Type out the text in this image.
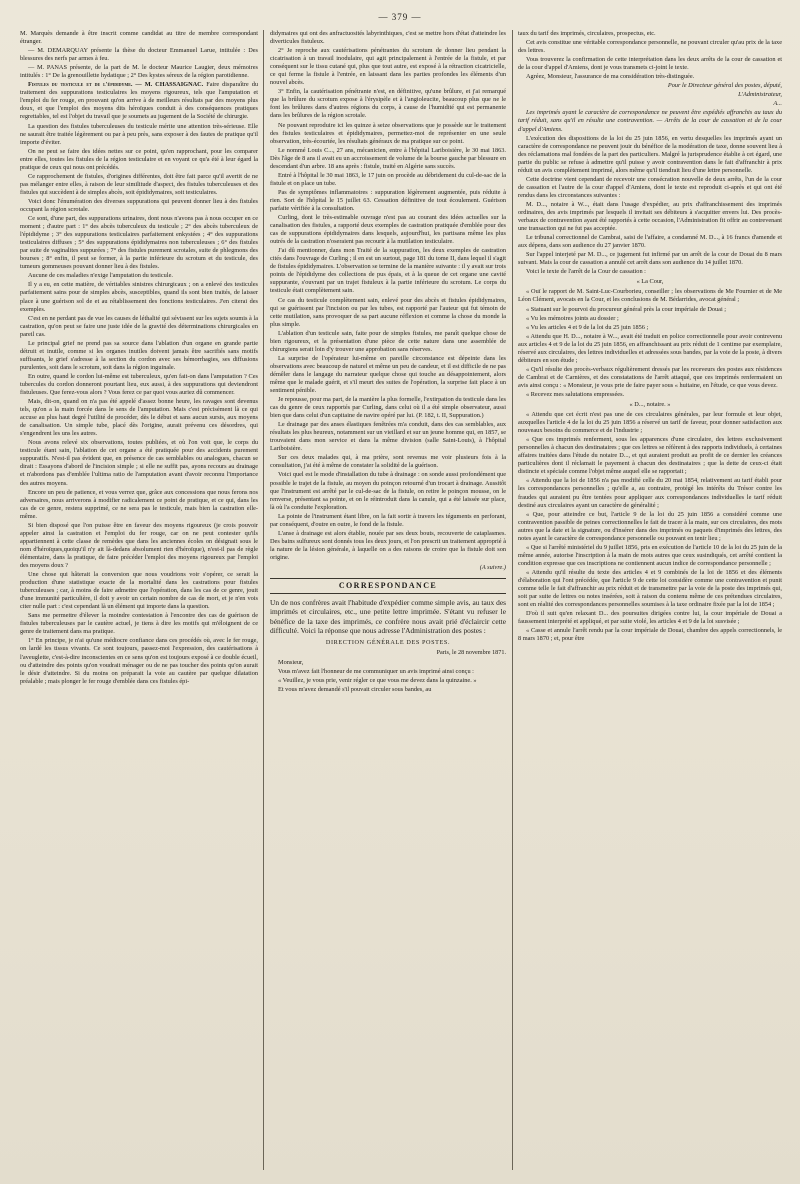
— 379 —

M. Marquès demande à être inscrit comme candidat au titre de membre correspondant étranger.

— M. DEMARQUAY présente la thèse du docteur Emmanuel Larue, intitulée : Des blessures des nerfs par armes à feu.

— M. PANAS présente, de la part de M. le docteur Maurice Laugier, deux mémoires intitulés : 1° De la grenouillette hydatique ; 2° Des kystes séreux de la région parotidienne.

Fistules du testicule et de l'épididyme. — M. CHASSAIGNAC. Faire disparaître du traitement des suppurations testiculaires les moyens rigoureux, tels que l'amputation et l'emploi du fer rouge, en prouvant qu'on arrive à de meilleurs résultats par des moyens plus doux, et que l'emploi des moyens dits héroïques conduit à des conséquences pratiques regrettables, tel est l'objet du travail que je soumets au jugement de la Société de chirurgie.

La question des fistules tuberculeuses du testicule mérite une attention très-sérieuse. Elle ne saurait être traitée légèrement ou par à peu près, sans exposer à des fautes de pratique qu'il importe d'éviter.

On ne peut se faire des idées nettes sur ce point, qu'en rapprochant, pour les comparer entre elles, toutes les fistules de la région testiculaire et en voyant ce qu'a été à leur égard la pratique de ceux qui nous ont précédés.

Ce rapprochement de fistules, d'origines différentes, doit être fait parce qu'il avertit de ne pas mélanger entre elles, à raison de leur similitude d'aspect, des fistules tuberculeuses et des fistules qui succèdent à de simples abcès, soit épididymaires, soit testiculaires.

Voici donc l'énumération des diverses suppurations qui peuvent donner lieu à des fistules occupant la région scrotale.

Ce sont, d'une part, des suppurations urinaires, dont nous n'avons pas à nous occuper en ce moment ; d'autre part : 1° des abcès tuberculeux du testicule ; 2° des abcès tuberculeux de l'épididyme ; 3° des suppurations testiculaires parfaitement enkystées ; 4° des suppurations testiculaires diffuses ; 5° des suppurations épididymaires non tuberculeuses ; 6° des fistules par suite de vaginalites suppurées ; 7° des fistules purement scrotales, suite de phlegmons des bourses ; 8° enfin, il peut se former, à la partie inférieure du scrotum et du testicule, des tumeurs gommeuses pouvant donner lieu à des fistules.

Aucune de ces maladies n'exige l'amputation du testicule.

Il y a eu, en cette matière, de véritables sinistres chirurgicaux ; on a enlevé des testicules parfaitement sains pour de simples abcès, susceptibles, quand ils sont bien traités, de laisser place à une guérison sol de et au rétablissement des fonctions testiculaires. J'en citerai des exemples.

C'est en ne perdant pas de vue les causes de léthalité qui sévissent sur les sujets soumis à la castration, qu'on peut se faire une juste idée de la gravité des déterminations chirurgicales en pareil cas.

Le principal grief ne prend pas sa source dans l'ablation d'un organe en grande partie détruit et inutile, comme si les organes inutiles doivent jamais être sacrifiés sans motifs suffisants, le grief s'adresse à la section du cordon avec ses hémorrhagies, ses diffusions purulentes, soit dans le scrotum, soit dans la région inguinale.

En outre, quand le cordon lui-même est tuberculeux, qu'en fait-on dans l'amputation ? Ces tubercules du cordon donneront pourtant lieu, eux aussi, à des suppurations qui deviendront fistuleuses. Que ferez-vous alors ? Vous ferez ce par quoi vous auriez dû commencer.

Mais, dit-on, quand on n'a pas été appelé d'assez bonne heure, les ravages sont devenus tels, qu'on a la main forcée dans le sens de l'amputation. Mais c'est précisément là ce qui accuse au plus haut degré l'utilité de procéder, dès le début et sans aucun sursis, aux moyens de canalisation. Un simple tube, placé dès l'origine, aurait prévenu ces désordres, qui s'engendrent les uns les autres.

Nous avons relevé six observations, toutes publiées, et où l'on voit que, le corps du testicule étant sain, l'ablation de cet organe a été pratiquée pour des accidents purement suppuratifs. N'est-il pas évident que, en présence de cas semblables ou analogues, chacun se dirait : Essayons d'abord de l'incision simple ; si elle ne suffit pas, ayons recours au drainage et n'abordons pas d'emblée l'ultima ratio de l'amputation avant d'avoir reconnu l'importance des autres moyens.

Encore un peu de patience, et vous verrez que, grâce aux concessions que nous ferons nos adversaires, nous arriverons à modifier radicalement ce point de pratique, et ce qui, dans les cas de ce genre, restera supprimé, ce ne sera pas le testicule, mais bien la castration elle-même.

Si bien disposé que l'on puisse être en faveur des moyens rigoureux (je crois pouvoir appeler ainsi la castration et l'emploi du fer rouge, car on ne peut contester qu'ils appartiennent à cette classe de remèdes que dans les anciennes écoles on désignait sous le nom d'héroïques,quoiqu'il n'y ait là-dedans absolument rien d'héroïque), n'est-il pas de règle élémentaire, dans la pratique, de faire précéder l'emploi des moyens rigoureux par l'emploi des moyens doux ?

Une chose qui hâterait la conversion que nous voudrions voir s'opérer, ce serait la production d'une statistique exacte de la mortalité dans les castrations pour fistules tuberculeuses ; car, à moins de faire admettre que l'opération, dans les cas de ce genre, jouit d'une immunité particulière, il doit y avoir un certain nombre de cas de mort, et je n'en vois citer nulle part : c'est cependant là un élément qui importe dans la question.

Sans me permettre d'élever la moindre contestation à l'encontre des cas de guérison de fistules tuberculeuses par le cautère actuel, je tiens à dire les motifs qui m'éloignent de ce genre de traitement dans ma pratique.

1° En principe, je n'ai qu'une médiocre confiance dans ces procédés où, avec le fer rouge, on lardé les tissus vivants. Ce sont toujours, passez-moi l'expression, des cautérisations à l'aveuglette, c'est-à-dire inconscientes en ce sens qu'on est toujours exposé à ce double écueil, ou d'atteindre des points qu'on voudrait ménager ou de ne pas toucher des points qu'on aurait le désir d'atteindre. Si du moins on préparait la voie au cautère par quelque dilatation préalable ; mais plonger le fer rouge d'emblée dans ces fistules épi-

didymaires qui ont des anfractuosités labyrinthiques, c'est se mettre hors d'état d'atteindre les diverticules fistuleux.

2° Je reproche aux cautérisations pénétrantes du scrotum de donner lieu pendant la cicatrisation à un travail inodulaire, qui agit principalement à l'entrée de la fistule, et par conséquent sur le tissu cutané qui, plus que tout autre, est exposé à la rétraction cicatricielle, ce qui ferme la fistule à l'entrée, en laissant dans les parties profondes les éléments d'un nouvel abcès.

3° Enfin, la cautérisation pénétrante n'est, en définitive, qu'une brûlure, et j'ai remarqué que la brûlure du scrotum expose à l'érysipèle et à l'angioleucite, beaucoup plus que ne le font les brûlures dans d'autres régions du corps, à cause de l'humidité qui est permanente dans les brûlures de la région scrotale.

Ne pouvant reproduire ici les quinze à seize observations que je possède sur le traitement des fistules testiculaires et épididymaires, permettez-moi de représenter en une seule observation, très-écourtée, les résultats généraux de ma pratique sur ce point.

Le nommé Louis C..., 27 ans, mécanicien, entre à l'hôpital Lariboisière, le 30 mai 1863. Dès l'âge de 8 ans il avait eu un accroissement de volume de la bourse gauche par blessure en descendant d'un arbre. 18 ans après : fistule, traité en Algérie sans succès.

Entré à l'hôpital le 30 mai 1863, le 17 juin on procède au débridement du cul-de-sac de la fistule et on place un tube.

Pas de symptômes inflammatoires : suppuration légèrement augmentée, puis réduite à rien. Sort de l'hôpital le 15 juillet 63. Cessation définitive de tout écoulement. Guérison parfaite vérifiée à la consultation.

Curling, dont le très-estimable ouvrage n'est pas au courant des idées actuelles sur la canalisation des fistules, a rapporté deux exemples de castration pratiquée d'emblée pour des cas de suppurations épididymaires dans lesquels, aujourd'hui, les partisans même les plus outrés de la castration n'oseraient pas recourir à la mutilation testiculaire.

J'ai dû mentionner, dans mon Traité de la suppuration, les deux exemples de castration cités dans l'ouvrage de Curling ; il en est un surtout, page 181 du tome II, dans lequel il s'agit de fistules épididymaires. L'observation se termine de la manière suivante : il y avait sur trois points de l'épididyme des collections de pus épais, et à la queue de cet organe une cavité suppurante, s'ouvrant par un trajet fistuleux à la partie inférieure du scrotum. Le corps du testicule était complètement sain.

Ce cas du testicule complètement sain, enlevé pour des abcès et fistules épididymaires, qui se guérissent par l'incision ou par les tubes, est rapporté par l'auteur qui fut témoin de cette mutilation, sans provoquer de sa part aucune réflexion et comme la chose du monde la plus simple.

L'ablation d'un testicule sain, faite pour de simples fistules, me paraît quelque chose de bien rigoureux, et la présentation d'une pièce de cette nature dans une assemblée de chirurgiens serait loin d'y trouver une approbation sans réserves.

La surprise de l'opérateur lui-même en pareille circonstance est dépeinte dans les observations avec beaucoup de naturel et même un peu de candeur, et il est difficile de ne pas démêler dans le langage du narrateur quelque chose qui touche au désappointement, alors même que le malade guérit, et s'il meurt des suites de l'opération, la surprise fait place à un sentiment pénible.

Je repousse, pour ma part, de la manière la plus formelle, l'extirpation du testicule dans les cas du genre de ceux rapportés par Curling, dans celui où il a été simple observateur, aussi bien que dans celui d'un capitaine de navire opéré par lui. (P. 182, t. II, Suppuration.)

Le drainage par des anses élastiques fenêtrées m'a conduit, dans des cas semblables, aux résultats les plus heureux, notamment sur un vieillard et sur un jeune homme qui, en 1857, se trouvaient dans mon service et dans la même division (salle Saint-Louis), à l'hôpital Lariboisière.

Sur ces deux malades qui, à ma prière, sont revenus me voir plusieurs fois à la consultation, j'ai été à même de constater la solidité de la guérison.

Voici quel est le mode d'installation du tube à drainage : on sonde aussi profondément que possible le trajet de la fistule, au moyen du poinçon retourné d'un trocart à drainage. Aussitôt que l'instrument est arrêté par le cul-de-sac de la fistule, on retire le poinçon mousse, on le renverse, présentant sa pointe, et on le réintroduit dans la canule, qui a été laissée sur place, là où l'a conduite l'exploration.

La pointe de l'instrument étant libre, on la fait sortir à travers les téguments en perforant, par conséquent, d'outre en outre, le fond de la fistule.

L'anse à drainage est alors établie, nouée par ses deux bouts, recouverte de cataplasmes. Des bains sulfureux sont donnés tous les deux jours, et l'on prescrit un traitement approprié à la nature de la lésion générale, à laquelle on a des raisons de croire que la fistule doit son origine.

(A suivre.)
CORRESPONDANCE
Un de nos confrères avait l'habitude d'expédier comme simple avis, au taux des imprimés et circulaires, etc., une petite lettre imprimée. S'étant vu refuser le bénéfice de la taxe des imprimés, ce confrère nous avait prié d'éclaircir cette difficulté. Voici la réponse que nous adresse l'Administration des postes :
DIRECTION GÉNÉRALE DES POSTES.
Paris, le 28 novembre 1871.

Monsieur,

Vous m'avez fait l'honneur de me communiquer un avis imprimé ainsi conçu :

« Veuillez, je vous prie, venir régler ce que vous me devez dans la quinzaine. »

Et vous m'avez demandé s'il pouvait circuler sous bandes, au

taux du tarif des imprimés, circulaires, prospectus, etc.

Cet avis constitue une véritable correspondance personnelle, ne pouvant circuler qu'au prix de la taxe des lettres.

Vous trouverez la confirmation de cette interprétation dans les deux arrêts de la cour de cassation et de la cour d'appel d'Amiens, dont je vous transmets ci-joint le texte.

Agréez, Monsieur, l'assurance de ma considération très-distinguée.

Pour le Directeur général des postes, député,
L'Administrateur,
A...

Les imprimés ayant le caractère de correspondance ne peuvent être expédiés affranchis au taux du tarif réduit, sans qu'il en résulte une contravention. — Arrêts de la cour de cassation et de la cour d'appel d'Amiens.

L'exécution des dispositions de la loi du 25 juin 1856, en vertu desquelles les imprimés ayant un caractère de correspondance ne peuvent jouir du bénéfice de la modération de taxe, donne souvent lieu à des réclamations mal fondées de la part des particuliers. Malgré la jurisprudence établie à cet égard, une partie du public se refuse à admettre qu'il puisse y avoir contravention dans le fait d'affranchir à prix réduit un avis complètement imprimé, alors même qu'il tiendrait lieu d'une lettre personnelle.

Cette doctrine vient cependant de recevoir une consécration nouvelle de deux arrêts, l'un de la cour de cassation et l'autre de la cour d'appel d'Amiens, dont le texte est reproduit ci-après et qui ont été rendus dans les circonstances suivantes :

M. D..., notaire à W..., était dans l'usage d'expédier, au prix d'affranchissement des imprimés ordinaires, des avis imprimés par lesquels il invitait ses débiteurs à s'acquitter envers lui. Des procès-verbaux de contravention ayant été rapportés à cette occasion, l'Administration fit offrir au contrevenant une transaction qui ne fut pas acceptée.

Le tribunal correctionnel de Cambrai, saisi de l'affaire, a condamné M. D..., à 16 francs d'amende et aux dépens, dans son audience du 27 janvier 1870.

Sur l'appel interjeté par M. D..., ce jugement fut infirmé par un arrêt de la cour de Douai du 8 mars suivant. Mais la cour de cassation a annulé cet arrêt dans son audience du 14 juillet 1870.

Voici le texte de l'arrêt de la Cour de cassation :

« La Cour,

« Ouï le rapport de M. Saint-Luc-Courborieu, conseiller ; les observations de Me Fournier et de Me Léon Clément, avocats en la Cour, et les conclusions de M. Bédarrides, avocat général ;

« Statuant sur le pourvoi du procureur général près la cour impériale de Douai ;

« Vu les mémoires joints au dossier ;

« Vu les articles 4 et 9 de la loi du 25 juin 1856 ;

« Attendu que H. D..., notaire à W..., avait été traduit en police correctionnelle pour avoir contrevenu aux articles 4 et 9 de la loi du 25 juin 1856, en affranchissant au prix réduit de 1 centime par exemplaire, réservé aux circulaires, des lettres individuelles et adressées sous bandes, par la voie de la poste, à divers débiteurs en son étude ;

« Qu'il résulte des procès-verbaux régulièrement dressés par les receveurs des postes aux résidences de Cambrai et de Carnières, et des constatations de l'arrêt attaqué, que ces imprimés renfermaient un avis ainsi conçu : « Monsieur, je vous prie de faire payer sous « huitaine, en l'étude, ce que vous devez.

« Recevez mes salutations empressées.

« D..., notaire. »

« Attendu que cet écrit n'est pas une de ces circulaires générales, par leur formule et leur objet, auxquelles l'article 4 de la loi du 25 juin 1856 a réservé un tarif de faveur, pour donner satisfaction aux nouveaux besoins du commerce et de l'industrie ;

« Que ces imprimés renferment, sous les apparences d'une circulaire, des lettres exclusivement personnelles à chacun des destinataires ; que ces lettres se réfèrent à des rapports individuels, à certaines affaires traitées dans l'étude du notaire D..., et qui auraient produit au profit de ce dernier les créances particulières dont il réclamait le payement à chacun des destinataires ; que la dette de ceux-ci était distincte et spéciale comme l'objet même auquel elle se rapportait ;

« Attendu que la loi de 1856 n'a pas modifié celle du 20 mai 1854, relativement au tarif établi pour les correspondances personnelles ; qu'elle a, au contraire, protégé les intérêts du Trésor contre les fraudes qui auraient pu être tentées pour appliquer aux correspondances individuelles le tarif réduit destiné aux circulaires ayant un caractère de généralité ;

« Que, pour atteindre ce but, l'article 9 de la loi du 25 juin 1856 a considéré comme une contravention passible de peines correctionnelles le fait de tracer à la main, sur ces circulaires, des mots autres que la date et la signature, ou d'insérer dans des imprimés ou paquets d'imprimés des lettres, des notes ayant le caractère de correspondance personnelle ou pouvant en tenir lieu ;

« Que si l'arrêté ministériel du 9 juillet 1856, pris en exécution de l'article 10 de la loi du 25 juin de la même année, autorise l'inscription à la main de mots autres que ceux susindiqués, cet arrêté contient la condition expresse que ces inscriptions ne contiennent aucun indice de correspondance personnelle ;

« Attendu qu'il résulte du texte des articles 4 et 9 combinés de la loi de 1856 et des éléments d'élaboration qui l'ont précédée, que l'article 9 de cette loi considère comme une contravention et punit comme telle le fait d'affranchir au prix réduit et de transmettre par la voie de la poste des imprimés qui, soit par suite de lettres ou notes insérées, soit à raison du contenu même de ces prétendues circulaires, sont en réalité des correspondances personnelles soumises à la taxe ordinaire fixée par la loi de 1854 ;

D'où il suit qu'en relaxant D... des poursuites dirigées contre lui, la cour impériale de Douai a faussement interprété et appliqué, et par suite violé, les articles 4 et 9 de la loi susvisée ;

« Casse et annule l'arrêt rendu par la cour impériale de Douai, chambre des appels correctionnels, le 8 mars 1870 ; et, pour être
